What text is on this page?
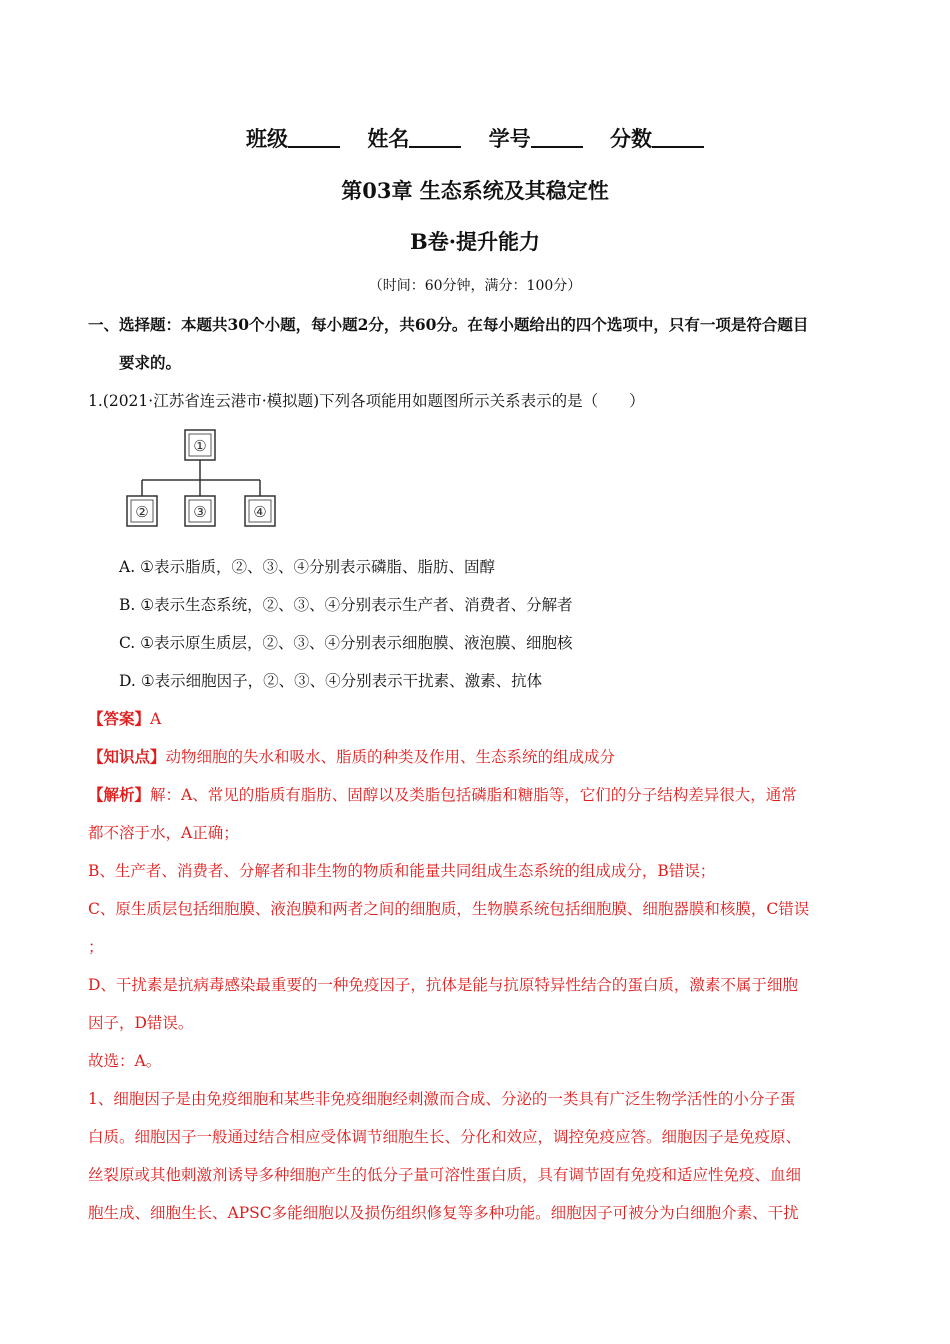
班级	姓名	学号	分数
第03章 生态系统及其稳定性
B卷·提升能力
（时间：60分钟，满分：100分）
一、选择题：本题共30个小题，每小题2分，共60分。在每小题给出的四个选项中，只有一项是符合题目
要求的。
1.(2021·江苏省连云港市·模拟题)下列各项能用如题图所示关系表示的是（　　）
①
②	③	④
A. ①表示脂质，②、③、④分别表示磷脂、脂肪、固醇
B. ①表示生态系统，②、③、④分别表示生产者、消费者、分解者
C. ①表示原生质层，②、③、④分别表示细胞膜、液泡膜、细胞核
D. ①表示细胞因子，②、③、④分别表示干扰素、激素、抗体
【答案】A
【知识点】动物细胞的失水和吸水、脂质的种类及作用、生态系统的组成成分
【解析】解：A、常见的脂质有脂肪、固醇以及类脂包括磷脂和糖脂等，它们的分子结构差异很大，通常
都不溶于水，A正确；
B、生产者、消费者、分解者和非生物的物质和能量共同组成生态系统的组成成分，B错误；
C、原生质层包括细胞膜、液泡膜和两者之间的细胞质，生物膜系统包括细胞膜、细胞器膜和核膜，C错误
；
D、干扰素是抗病毒感染最重要的一种免疫因子，抗体是能与抗原特异性结合的蛋白质，激素不属于细胞
因子，D错误。
故选：A。
1、细胞因子是由免疫细胞和某些非免疫细胞经刺激而合成、分泌的一类具有广泛生物学活性的小分子蛋
白质。细胞因子一般通过结合相应受体调节细胞生长、分化和效应，调控免疫应答。细胞因子是免疫原、
丝裂原或其他刺激剂诱导多种细胞产生的低分子量可溶性蛋白质，具有调节固有免疫和适应性免疫、血细
胞生成、细胞生长、APSC多能细胞以及损伤组织修复等多种功能。细胞因子可被分为白细胞介素、干扰
